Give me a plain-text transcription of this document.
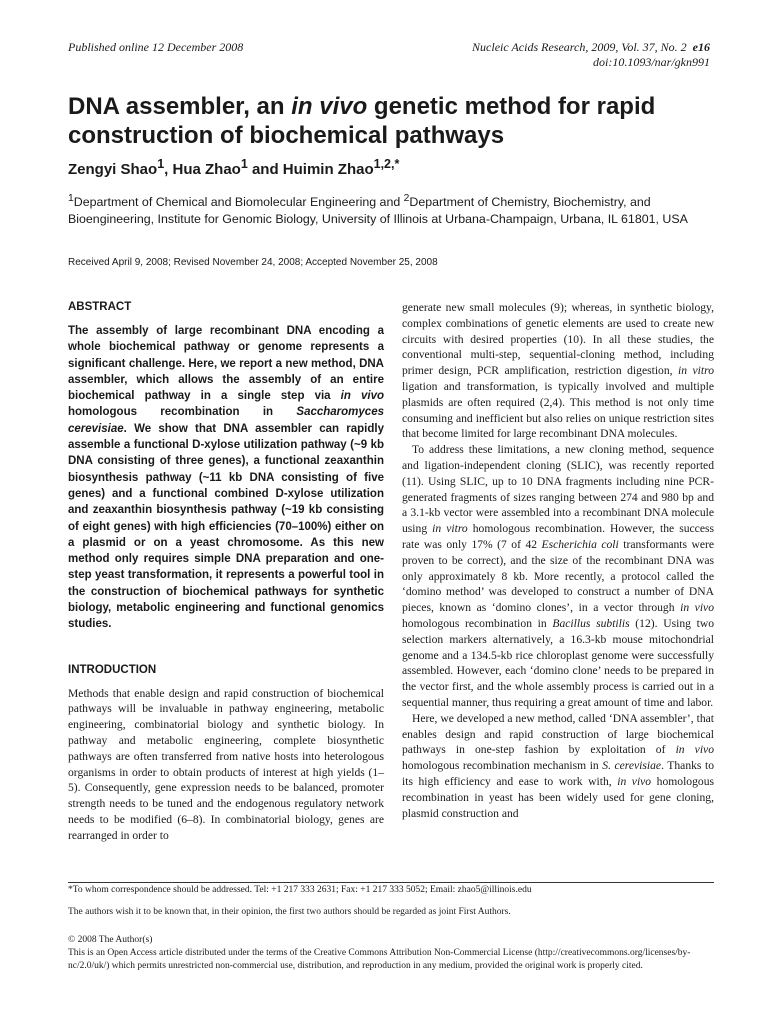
Published online 12 December 2008	Nucleic Acids Research, 2009, Vol. 37, No. 2 e16
doi:10.1093/nar/gkn991
DNA assembler, an in vivo genetic method for rapid construction of biochemical pathways
Zengyi Shao$^1$, Hua Zhao$^1$ and Huimin Zhao$^{1,2,*}$
$^1$Department of Chemical and Biomolecular Engineering and $^2$Department of Chemistry, Biochemistry, and Bioengineering, Institute for Genomic Biology, University of Illinois at Urbana-Champaign, Urbana, IL 61801, USA
Received April 9, 2008; Revised November 24, 2008; Accepted November 25, 2008
ABSTRACT

The assembly of large recombinant DNA encoding a whole biochemical pathway or genome represents a significant challenge. Here, we report a new method, DNA assembler, which allows the assembly of an entire biochemical pathway in a single step via in vivo homologous recombination in Saccharomyces cerevisiae. We show that DNA assembler can rapidly assemble a functional D-xylose utilization pathway (~9 kb DNA consisting of three genes), a functional zeaxanthin biosynthesis pathway (~11 kb DNA consisting of five genes) and a functional combined D-xylose utilization and zeaxanthin biosynthesis pathway (~19 kb consisting of eight genes) with high efficiencies (70–100%) either on a plasmid or on a yeast chromosome. As this new method only requires simple DNA preparation and one-step yeast transformation, it represents a powerful tool in the construction of biochemical pathways for synthetic biology, metabolic engineering and functional genomics studies.

INTRODUCTION

Methods that enable design and rapid construction of biochemical pathways will be invaluable in pathway engineering, metabolic engineering, combinatorial biology and synthetic biology. In pathway and metabolic engineering, complete biosynthetic pathways are often transferred from native hosts into heterologous organisms in order to obtain products of interest at high yields (1–5). Consequently, gene expression needs to be balanced, promoter strength needs to be tuned and the endogenous regulatory network needs to be modified (6–8). In combinatorial biology, genes are rearranged in order to

generate new small molecules (9); whereas, in synthetic biology, complex combinations of genetic elements are used to create new circuits with desired properties (10). In all these studies, the conventional multi-step, sequential-cloning method, including primer design, PCR amplification, restriction digestion, in vitro ligation and transformation, is typically involved and multiple plasmids are often required (2,4). This method is not only time consuming and inefficient but also relies on unique restriction sites that become limited for large recombinant DNA molecules.

To address these limitations, a new cloning method, sequence and ligation-independent cloning (SLIC), was recently reported (11). Using SLIC, up to 10 DNA fragments including nine PCR-generated fragments of sizes ranging between 274 and 980 bp and a 3.1-kb vector were assembled into a recombinant DNA molecule using in vitro homologous recombination. However, the success rate was only 17% (7 of 42 Escherichia coli transformants were proven to be correct), and the size of the recombinant DNA was only approximately 8 kb. More recently, a protocol called the ‘domino method’ was developed to construct a number of DNA pieces, known as ‘domino clones’, in a vector through in vivo homologous recombination in Bacillus subtilis (12). Using two selection markers alternatively, a 16.3-kb mouse mitochondrial genome and a 134.5-kb rice chloroplast genome were successfully assembled. However, each ‘domino clone’ needs to be prepared in the vector first, and the whole assembly process is carried out in a sequential manner, thus requiring a great amount of time and labor.

Here, we developed a new method, called ‘DNA assembler’, that enables design and rapid construction of large biochemical pathways in one-step fashion by exploitation of in vivo homologous recombination mechanism in S. cerevisiae. Thanks to its high efficiency and ease to work with, in vivo homologous recombination in yeast has been widely used for gene cloning, plasmid construction and

*To whom correspondence should be addressed. Tel: +1 217 333 2631; Fax: +1 217 333 5052; Email: zhao5@illinois.edu
The authors wish it to be known that, in their opinion, the first two authors should be regarded as joint First Authors.
© 2008 The Author(s)
This is an Open Access article distributed under the terms of the Creative Commons Attribution Non-Commercial License (http://creativecommons.org/licenses/by-nc/2.0/uk/) which permits unrestricted non-commercial use, distribution, and reproduction in any medium, provided the original work is properly cited.
